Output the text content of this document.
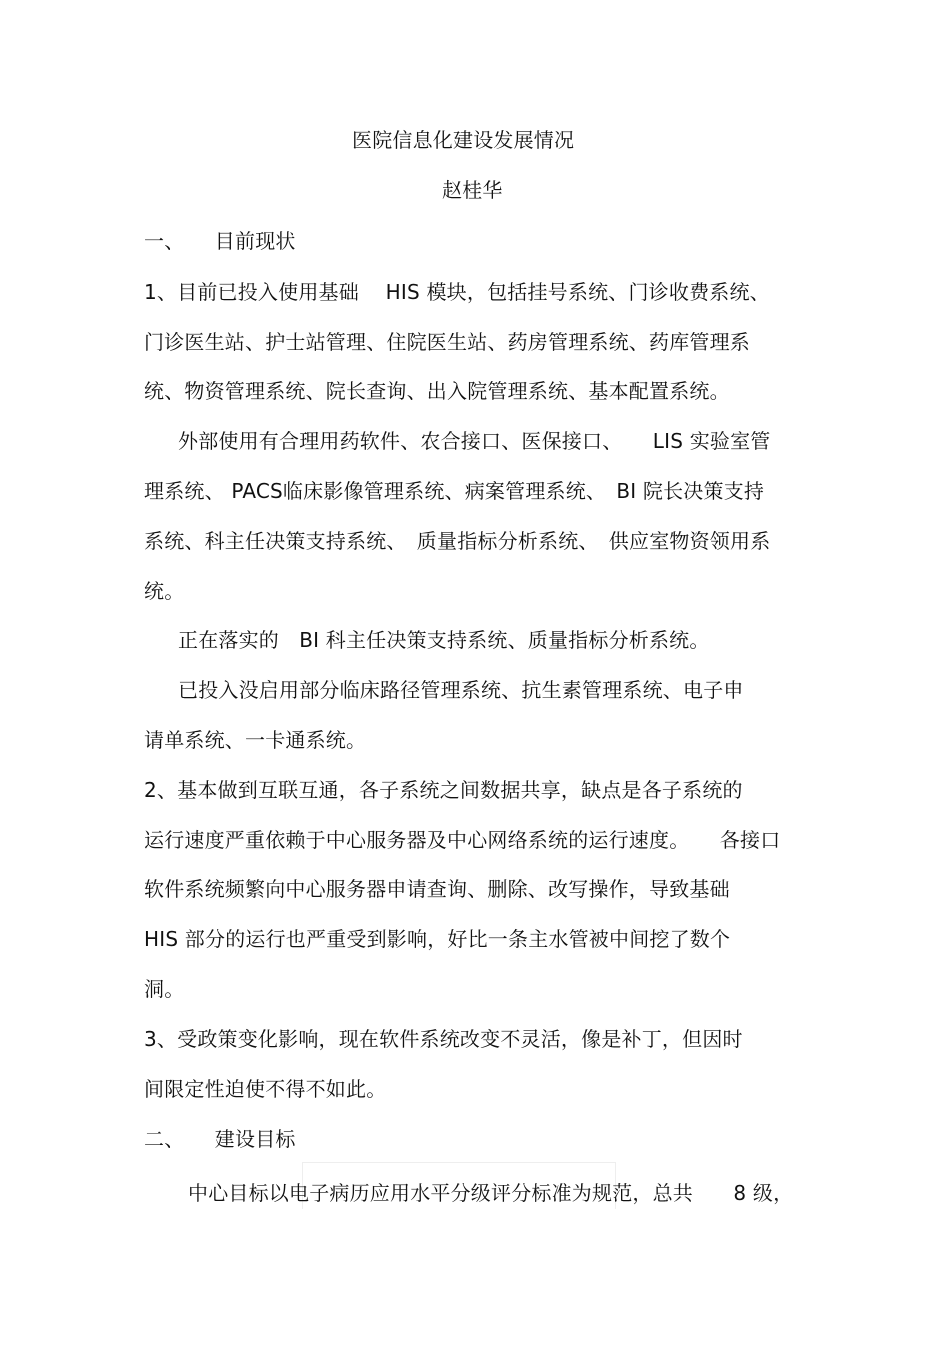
医院信息化建设发展情况
赵桂华
一、　　目前现状
1、目前已投入使用基础　 HIS 模块，包括挂号系统、门诊收费系统、
门诊医生站、护士站管理、住院医生站、药房管理系统、药库管理系
统、物资管理系统、院长查询、出入院管理系统、基本配置系统。
外部使用有合理用药软件、农合接口、医保接口、　　LIS 实验室管
理系统、 PACS临床影像管理系统、病案管理系统、　BI 院长决策支持
系统、科主任决策支持系统、　质量指标分析系统、　供应室物资领用系
统。
正在落实的　BI 科主任决策支持系统、质量指标分析系统。
已投入没启用部分临床路径管理系统、抗生素管理系统、电子申
请单系统、一卡通系统。
2、基本做到互联互通，各子系统之间数据共享，缺点是各子系统的
运行速度严重依赖于中心服务器及中心网络系统的运行速度。　　各接口
软件系统频繁向中心服务器申请查询、删除、改写操作，导致基础
HIS 部分的运行也严重受到影响，好比一条主水管被中间挖了数个
洞。
3、受政策变化影响，现在软件系统改变不灵活，像是补丁，但因时
间限定性迫使不得不如此。
二、　　建设目标
中心目标以电子病历应用水平分级评分标准为规范，总共　　8 级，
